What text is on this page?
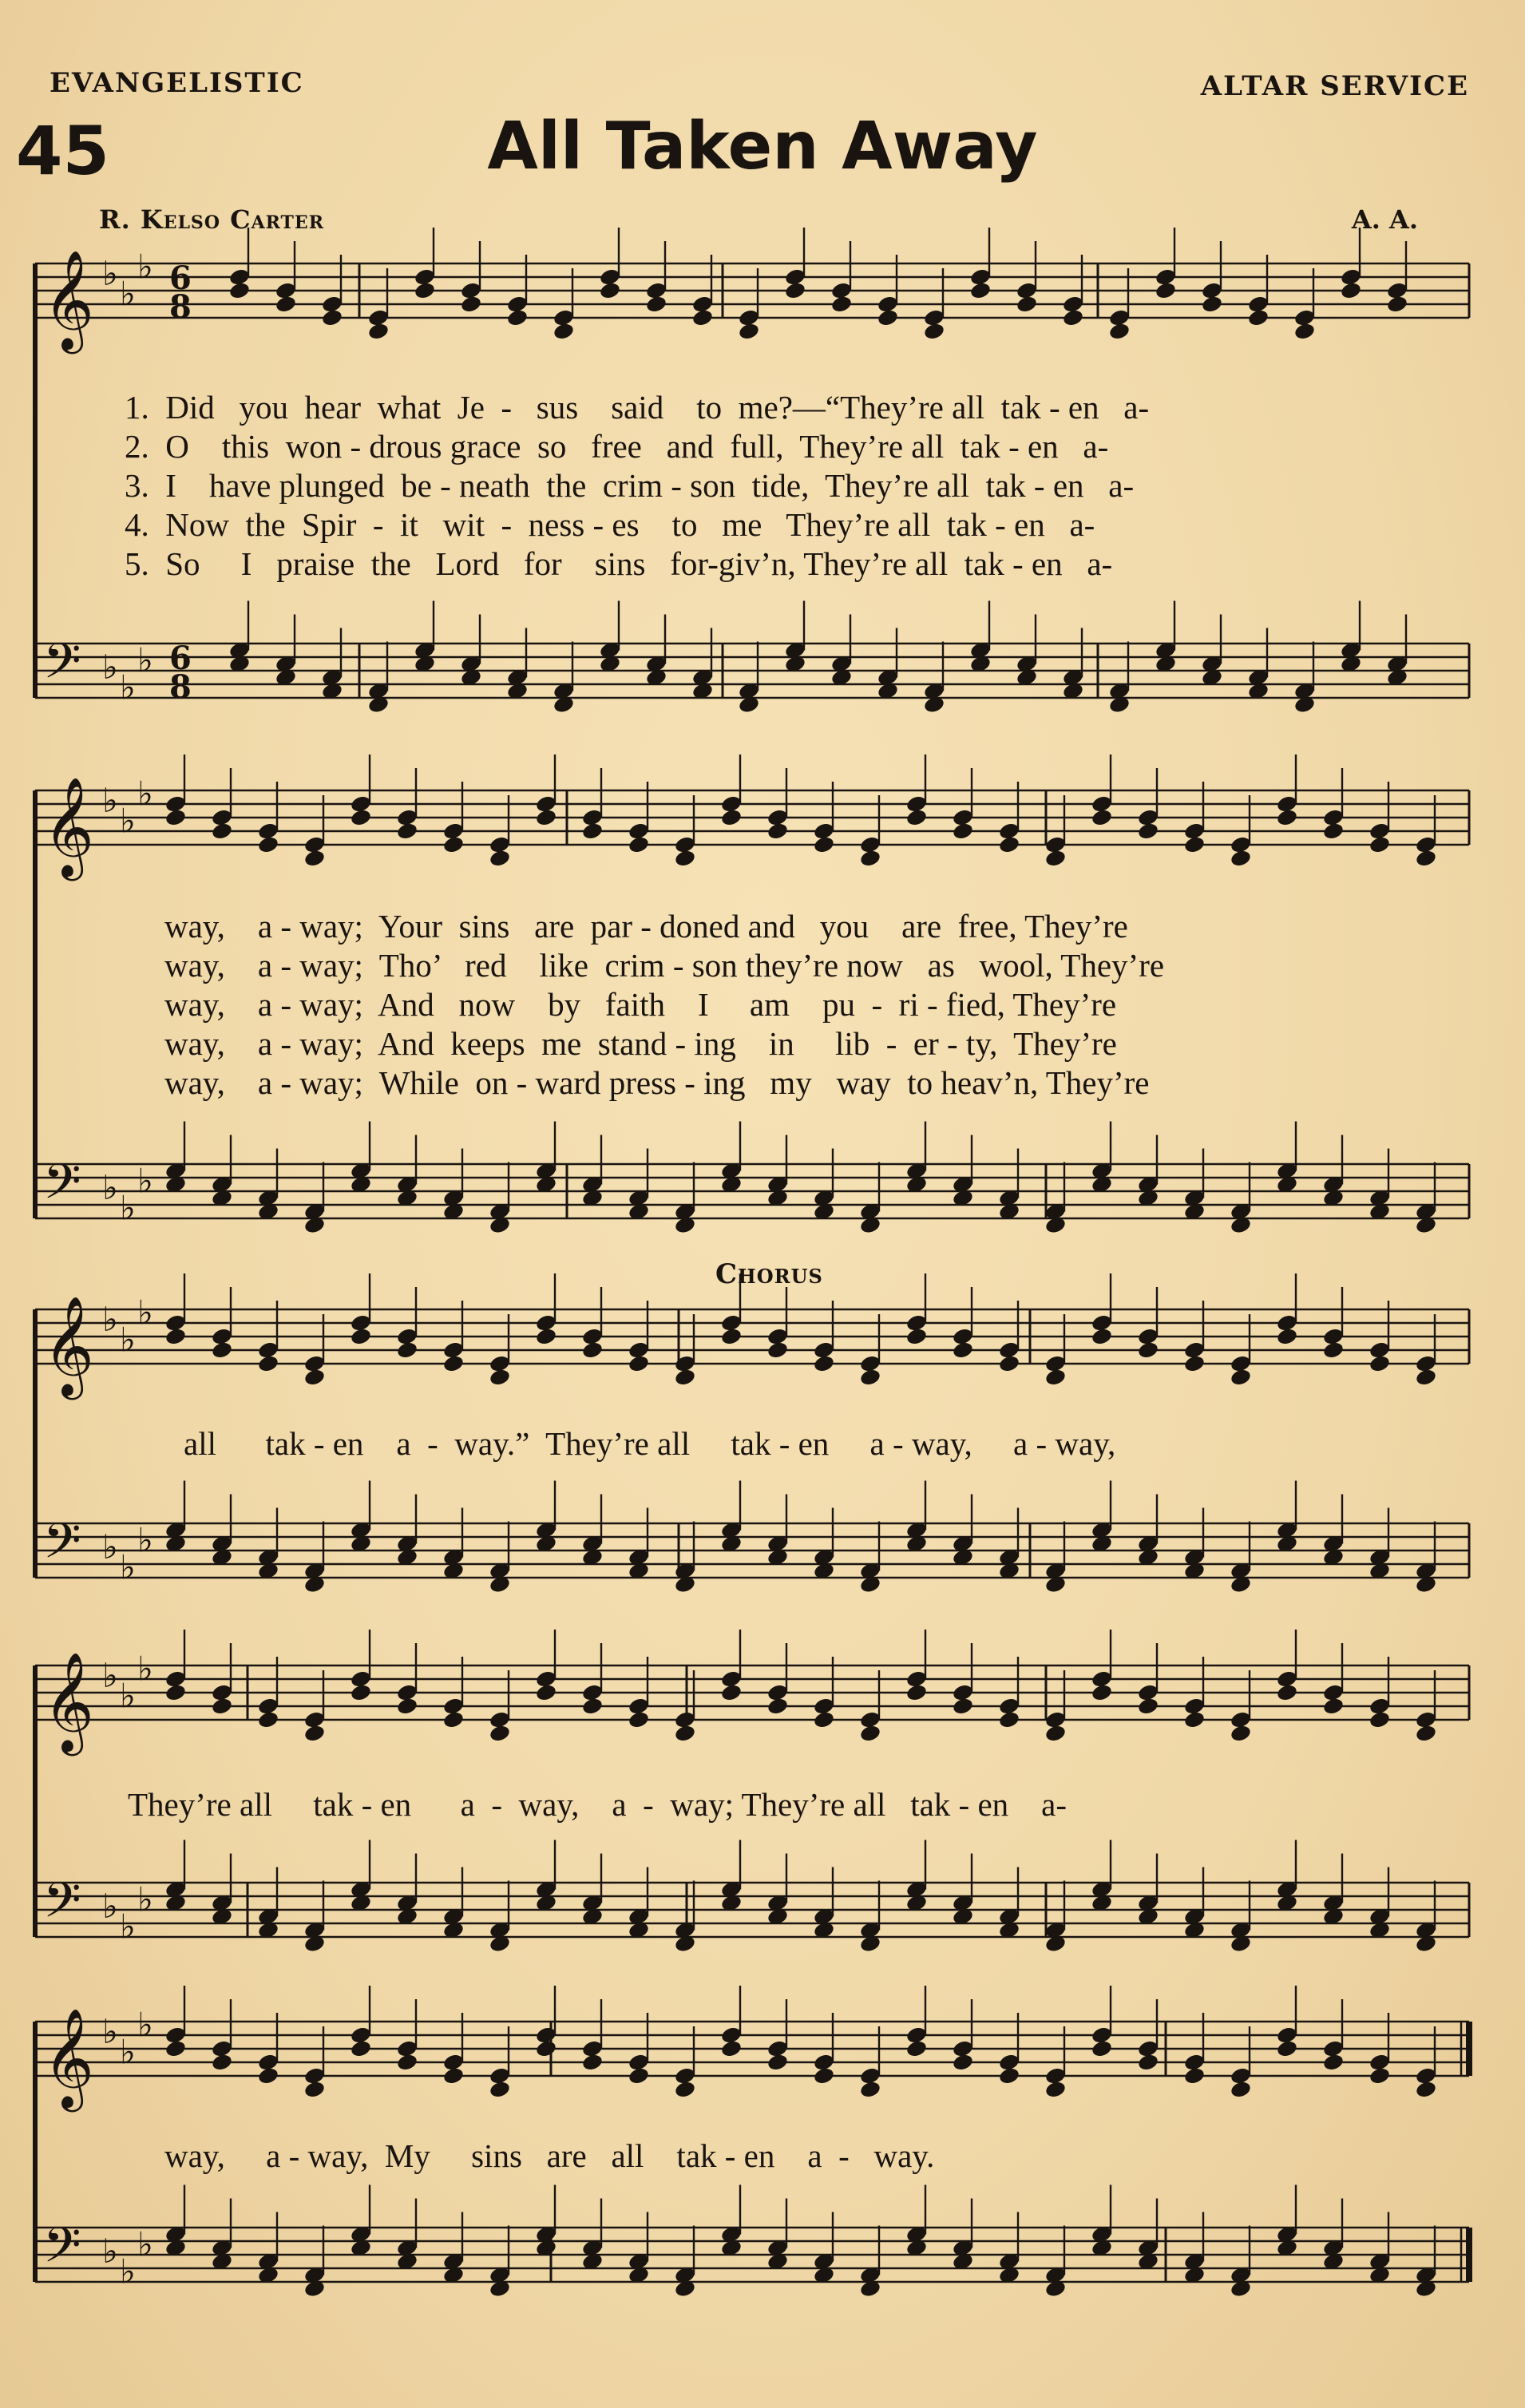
EVANGELISTIC	ALTAR SERVICE
45	All Taken Away
R. Kelso Carter	A. A.
𝄞 ♭
♭
♭ 6
8
𝄢 ♭
♭
♭ 6
8
𝄞 ♭
♭
♭
𝄢 ♭
♭
♭
𝄞 ♭
♭
♭
𝄢 ♭
♭
♭
𝄞 ♭
♭
♭
𝄢 ♭
♭
♭
𝄞 ♭
♭
♭
𝄢 ♭
♭
♭
Chorus
1.  Did   you  hear  what  Je  -   sus    said    to  me?—“They’re all  tak - en   a-
2.  O    this  won - drous grace  so   free   and  full,  They’re all  tak - en   a-
3.  I    have plunged  be - neath  the  crim - son  tide,  They’re all  tak - en   a-
4.  Now  the  Spir  -  it   wit  -  ness - es    to   me   They’re all  tak - en   a-
5.  So     I   praise  the   Lord   for    sins   for-giv’n, They’re all  tak - en   a-
way,    a - way;  Your  sins   are  par - doned and   you    are  free, They’re
way,    a - way;  Tho’   red    like  crim - son they’re now   as   wool, They’re
way,    a - way;  And   now    by   faith    I     am    pu  -  ri - fied, They’re
way,    a - way;  And  keeps  me  stand - ing    in     lib  -  er - ty,  They’re
way,    a - way;  While  on - ward press - ing   my   way  to heav’n, They’re
all      tak - en    a  -  way.”  They’re all     tak - en     a - way,     a - way,
They’re all     tak - en      a  -  way,    a  -  way; They’re all   tak - en    a-
way,     a - way,  My     sins   are   all    tak - en    a  -   way.
